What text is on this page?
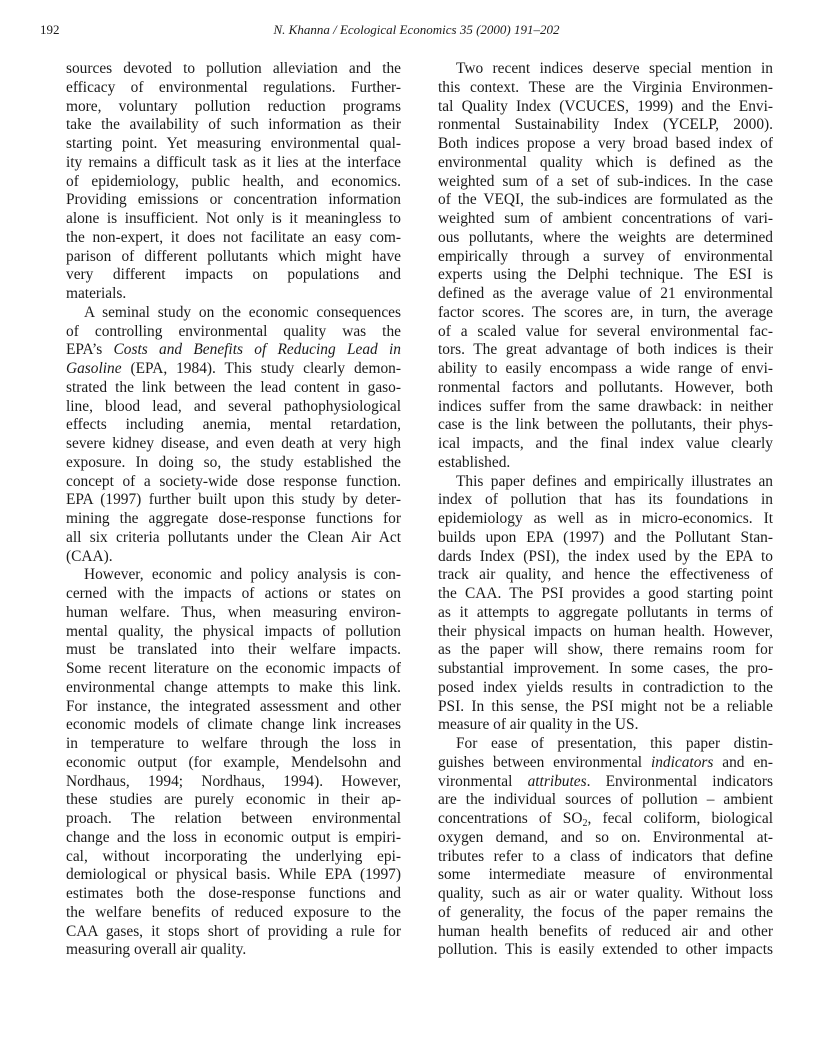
192	N. Khanna / Ecological Economics 35 (2000) 191–202
sources devoted to pollution alleviation and the
efficacy of environmental regulations. Further-
more, voluntary pollution reduction programs
take the availability of such information as their
starting point. Yet measuring environmental qual-
ity remains a difficult task as it lies at the interface
of epidemiology, public health, and economics.
Providing emissions or concentration information
alone is insufficient. Not only is it meaningless to
the non-expert, it does not facilitate an easy com-
parison of different pollutants which might have
very different impacts on populations and
materials.
A seminal study on the economic consequences
of controlling environmental quality was the
EPA’s Costs and Benefits of Reducing Lead in
Gasoline (EPA, 1984). This study clearly demon-
strated the link between the lead content in gaso-
line, blood lead, and several pathophysiological
effects including anemia, mental retardation,
severe kidney disease, and even death at very high
exposure. In doing so, the study established the
concept of a society-wide dose response function.
EPA (1997) further built upon this study by deter-
mining the aggregate dose-response functions for
all six criteria pollutants under the Clean Air Act
(CAA).
However, economic and policy analysis is con-
cerned with the impacts of actions or states on
human welfare. Thus, when measuring environ-
mental quality, the physical impacts of pollution
must be translated into their welfare impacts.
Some recent literature on the economic impacts of
environmental change attempts to make this link.
For instance, the integrated assessment and other
economic models of climate change link increases
in temperature to welfare through the loss in
economic output (for example, Mendelsohn and
Nordhaus, 1994; Nordhaus, 1994). However,
these studies are purely economic in their ap-
proach. The relation between environmental
change and the loss in economic output is empiri-
cal, without incorporating the underlying epi-
demiological or physical basis. While EPA (1997)
estimates both the dose-response functions and
the welfare benefits of reduced exposure to the
CAA gases, it stops short of providing a rule for
measuring overall air quality.
Two recent indices deserve special mention in
this context. These are the Virginia Environmen-
tal Quality Index (VCUCES, 1999) and the Envi-
ronmental Sustainability Index (YCELP, 2000).
Both indices propose a very broad based index of
environmental quality which is defined as the
weighted sum of a set of sub-indices. In the case
of the VEQI, the sub-indices are formulated as the
weighted sum of ambient concentrations of vari-
ous pollutants, where the weights are determined
empirically through a survey of environmental
experts using the Delphi technique. The ESI is
defined as the average value of 21 environmental
factor scores. The scores are, in turn, the average
of a scaled value for several environmental fac-
tors. The great advantage of both indices is their
ability to easily encompass a wide range of envi-
ronmental factors and pollutants. However, both
indices suffer from the same drawback: in neither
case is the link between the pollutants, their phys-
ical impacts, and the final index value clearly
established.
This paper defines and empirically illustrates an
index of pollution that has its foundations in
epidemiology as well as in micro-economics. It
builds upon EPA (1997) and the Pollutant Stan-
dards Index (PSI), the index used by the EPA to
track air quality, and hence the effectiveness of
the CAA. The PSI provides a good starting point
as it attempts to aggregate pollutants in terms of
their physical impacts on human health. However,
as the paper will show, there remains room for
substantial improvement. In some cases, the pro-
posed index yields results in contradiction to the
PSI. In this sense, the PSI might not be a reliable
measure of air quality in the US.
For ease of presentation, this paper distin-
guishes between environmental indicators and en-
vironmental attributes. Environmental indicators
are the individual sources of pollution – ambient
concentrations of $SO_2$, fecal coliform, biological
oxygen demand, and so on. Environmental at-
tributes refer to a class of indicators that define
some intermediate measure of environmental
quality, such as air or water quality. Without loss
of generality, the focus of the paper remains the
human health benefits of reduced air and other
pollution. This is easily extended to other impacts
